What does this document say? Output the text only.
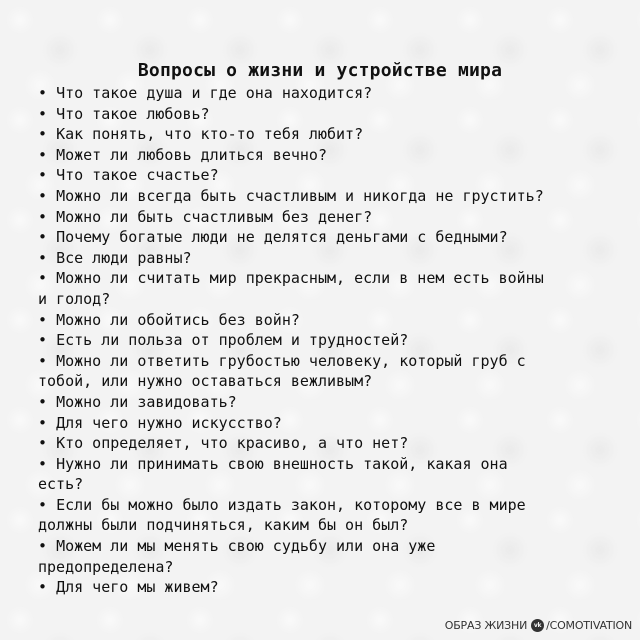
Вопросы о жизни и устройстве мира
• Что такое душа и где она находится?
• Что такое любовь?
• Как понять, что кто-то тебя любит?
• Может ли любовь длиться вечно?
• Что такое счастье?
• Можно ли всегда быть счастливым и никогда не грустить?
• Можно ли быть счастливым без денег?
• Почему богатые люди не делятся деньгами с бедными?
• Все люди равны?
• Можно ли считать мир прекрасным, если в нем есть войны
и голод?
• Можно ли обойтись без войн?
• Есть ли польза от проблем и трудностей?
• Можно ли ответить грубостью человеку, который груб с
тобой, или нужно оставаться вежливым?
• Можно ли завидовать?
• Для чего нужно искусство?
• Кто определяет, что красиво, а что нет?
• Нужно ли принимать свою внешность такой, какая она
есть?
• Если бы можно было издать закон, которому все в мире
должны были подчиняться, каким бы он был?
• Можем ли мы менять свою судьбу или она уже
предопределена?
• Для чего мы живем?
ОБРАЗ ЖИЗНИ	vk /COMOTIVATION
